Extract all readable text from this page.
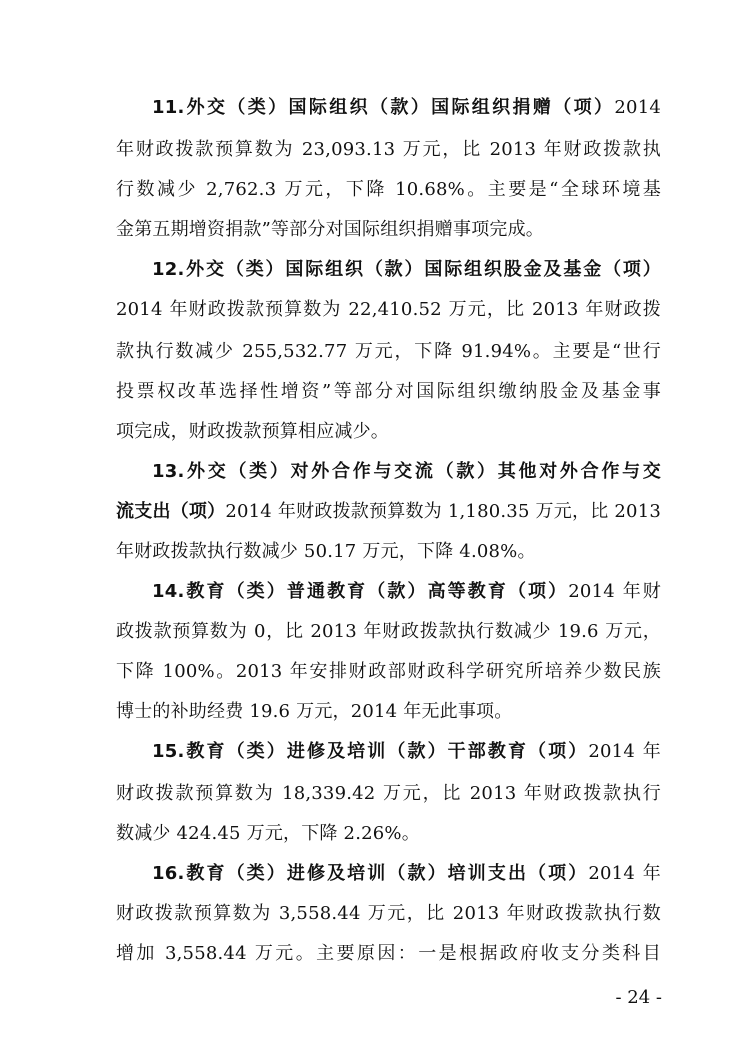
11.外交（类）国际组织（款）国际组织捐赠（项）2014
年财政拨款预算数为 23,093.13 万元，比 2013 年财政拨款执
行数减少 2,762.3 万元，下降 10.68%。主要是“全球环境基
金第五期增资捐款”等部分对国际组织捐赠事项完成。
12.外交（类）国际组织（款）国际组织股金及基金（项）
2014 年财政拨款预算数为 22,410.52 万元，比 2013 年财政拨
款执行数减少 255,532.77 万元，下降 91.94%。主要是“世行
投票权改革选择性增资”等部分对国际组织缴纳股金及基金事
项完成，财政拨款预算相应减少。
13.外交（类）对外合作与交流（款）其他对外合作与交
流支出（项）2014 年财政拨款预算数为 1,180.35 万元，比 2013
年财政拨款执行数减少 50.17 万元，下降 4.08%。
14.教育（类）普通教育（款）高等教育（项）2014 年财
政拨款预算数为 0，比 2013 年财政拨款执行数减少 19.6 万元，
下降 100%。2013 年安排财政部财政科学研究所培养少数民族
博士的补助经费 19.6 万元，2014 年无此事项。
15.教育（类）进修及培训（款）干部教育（项）2014 年
财政拨款预算数为 18,339.42 万元，比 2013 年财政拨款执行
数减少 424.45 万元，下降 2.26%。
16.教育（类）进修及培训（款）培训支出（项）2014 年
财政拨款预算数为 3,558.44 万元，比 2013 年财政拨款执行数
增加 3,558.44 万元。主要原因：一是根据政府收支分类科目
- 24 -
